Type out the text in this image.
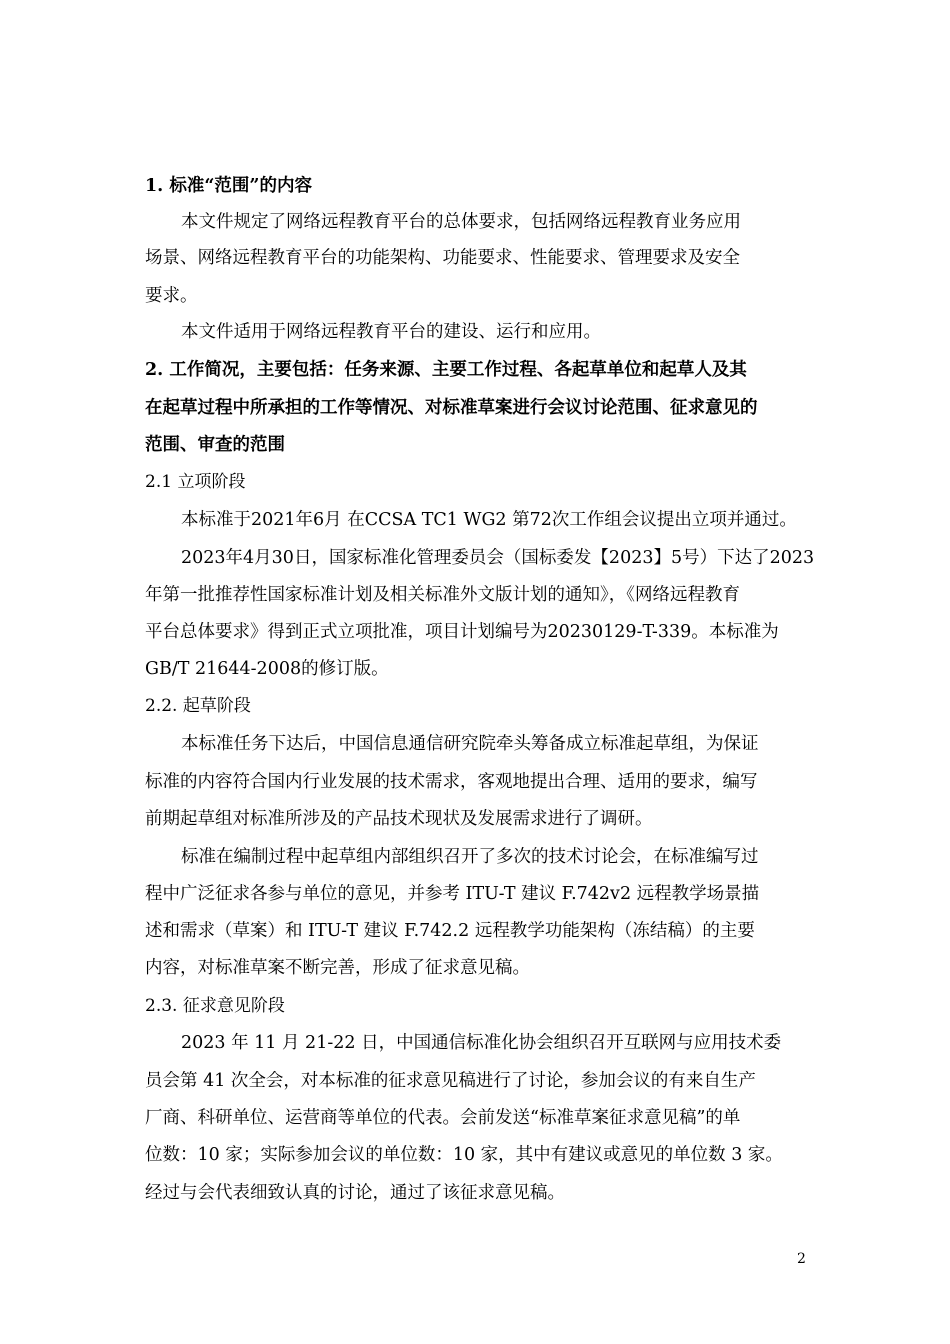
1. 标准“范围”的内容
本文件规定了网络远程教育平台的总体要求，包括网络远程教育业务应用
场景、网络远程教育平台的功能架构、功能要求、性能要求、管理要求及安全
要求。
本文件适用于网络远程教育平台的建设、运行和应用。
2. 工作简况，主要包括：任务来源、主要工作过程、各起草单位和起草人及其
在起草过程中所承担的工作等情况、对标准草案进行会议讨论范围、征求意见的
范围、审查的范围
2.1 立项阶段
本标准于2021年6月 在CCSA TC1 WG2 第72次工作组会议提出立项并通过。
2023年4月30日，国家标准化管理委员会（国标委发【2023】5号）下达了2023
年第一批推荐性国家标准计划及相关标准外文版计划的通知》，《网络远程教育
平台总体要求》得到正式立项批准，项目计划编号为20230129-T-339。本标准为
GB/T 21644-2008的修订版。
2.2. 起草阶段
本标准任务下达后，中国信息通信研究院牵头筹备成立标准起草组，为保证
标准的内容符合国内行业发展的技术需求，客观地提出合理、适用的要求，编写
前期起草组对标准所涉及的产品技术现状及发展需求进行了调研。
标准在编制过程中起草组内部组织召开了多次的技术讨论会，在标准编写过
程中广泛征求各参与单位的意见，并参考 ITU-T 建议 F.742v2 远程教学场景描
述和需求（草案）和 ITU-T 建议 F.742.2 远程教学功能架构（冻结稿）的主要
内容，对标准草案不断完善，形成了征求意见稿。
2.3. 征求意见阶段
2023 年 11 月 21-22 日，中国通信标准化协会组织召开互联网与应用技术委
员会第 41 次全会，对本标准的征求意见稿进行了讨论，参加会议的有来自生产
厂商、科研单位、运营商等单位的代表。会前发送“标准草案征求意见稿”的单
位数：10 家；实际参加会议的单位数：10 家，其中有建议或意见的单位数 3 家。
经过与会代表细致认真的讨论，通过了该征求意见稿。
2
